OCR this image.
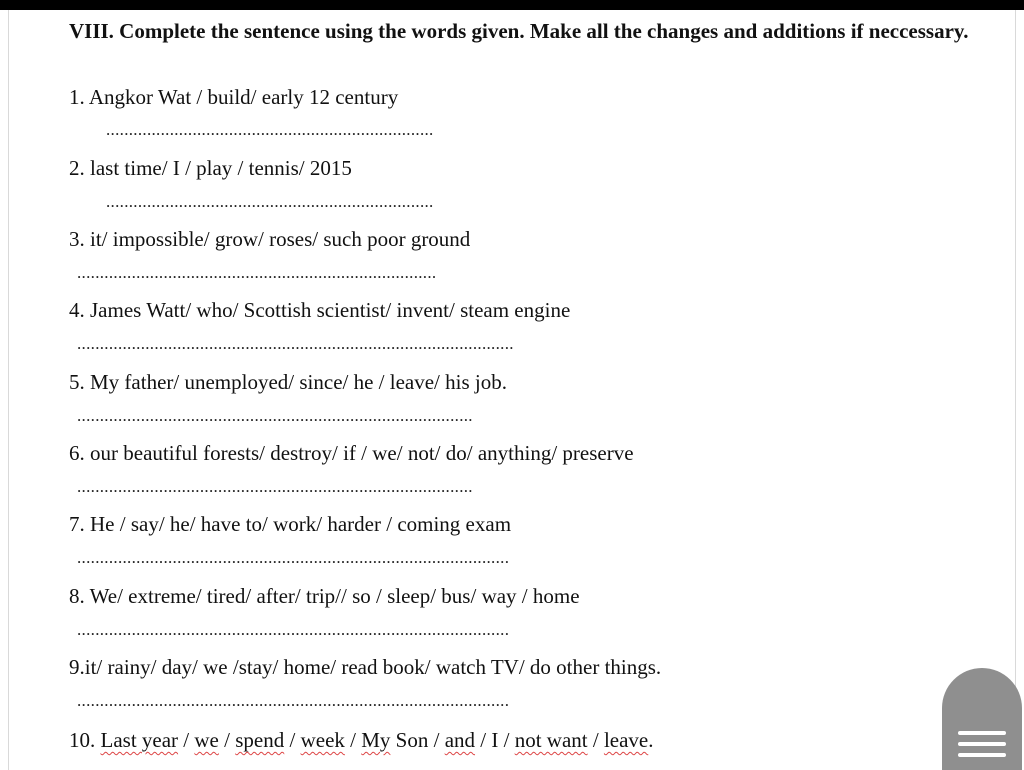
VIII. Complete the sentence using the words given. Make all the changes and additions if neccessary.
1. Angkor Wat / build/ early 12 century
........................................................................
2. last time/ I / play / tennis/ 2015
........................................................................
3. it/ impossible/ grow/ roses/ such poor ground
...............................................................................
4. James Watt/ who/ Scottish scientist/ invent/ steam engine
................................................................................................
5. My father/ unemployed/ since/ he / leave/ his job.
.......................................................................................
6. our beautiful forests/ destroy/ if / we/ not/ do/ anything/ preserve
.......................................................................................
7. He / say/ he/ have to/ work/ harder / coming exam
...............................................................................................
8. We/ extreme/ tired/ after/ trip// so / sleep/ bus/ way / home
...............................................................................................
9.it/ rainy/ day/ we /stay/ home/ read book/ watch TV/ do other things.
...............................................................................................
10. Last year / we / spend / week / My Son / and / I / not want / leave.
